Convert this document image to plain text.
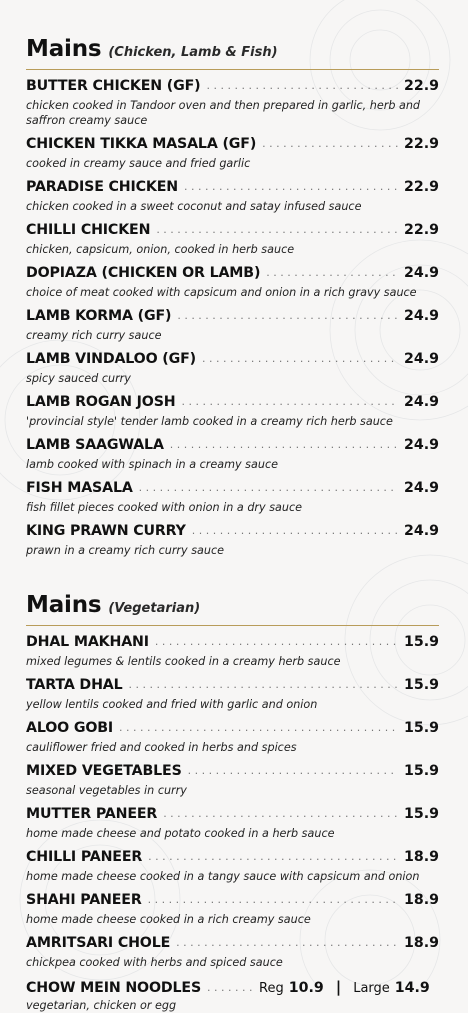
Mains (Chicken, Lamb & Fish)
BUTTER CHICKEN (GF) . . .	22.9
chicken cooked in Tandoor oven and then prepared in garlic, herb and saffron creamy sauce
CHICKEN TIKKA MASALA (GF) . . .	22.9
cooked in creamy sauce and fried garlic
PARADISE CHICKEN . . .	22.9
chicken cooked in a sweet coconut and satay infused sauce
CHILLI CHICKEN . . .	22.9
chicken, capsicum, onion, cooked in herb sauce
DOPIAZA (CHICKEN OR LAMB) . . .	24.9
choice of meat cooked with capsicum and onion in a rich gravy sauce
LAMB KORMA (GF) . . .	24.9
creamy rich curry sauce
LAMB VINDALOO (GF) . . .	24.9
spicy sauced curry
LAMB ROGAN JOSH . . .	24.9
'provincial style' tender lamb cooked in a creamy rich herb sauce
LAMB SAAGWALA . . .	24.9
lamb cooked with spinach in a creamy sauce
FISH MASALA . . .	24.9
fish fillet pieces cooked with onion in a dry sauce
KING PRAWN CURRY . . .	24.9
prawn in a creamy rich curry sauce
Mains (Vegetarian)
DHAL MAKHANI . . .	15.9
mixed legumes & lentils cooked in a creamy herb sauce
TARTA DHAL . . .	15.9
yellow lentils cooked and fried with garlic and onion
ALOO GOBI . . .	15.9
cauliflower fried and cooked in herbs and spices
MIXED VEGETABLES . . .	15.9
seasonal vegetables in curry
MUTTER PANEER . . .	15.9
home made cheese and potato cooked in a herb sauce
CHILLI PANEER . . .	18.9
home made cheese cooked in a tangy sauce with capsicum and onion
SHAHI PANEER . . .	18.9
home made cheese cooked in a rich creamy sauce
AMRITSARI CHOLE . . .	18.9
chickpea cooked with herbs and spiced sauce
CHOW MEIN NOODLES . . .	Reg 10.9 | Large 14.9
vegetarian, chicken or egg
